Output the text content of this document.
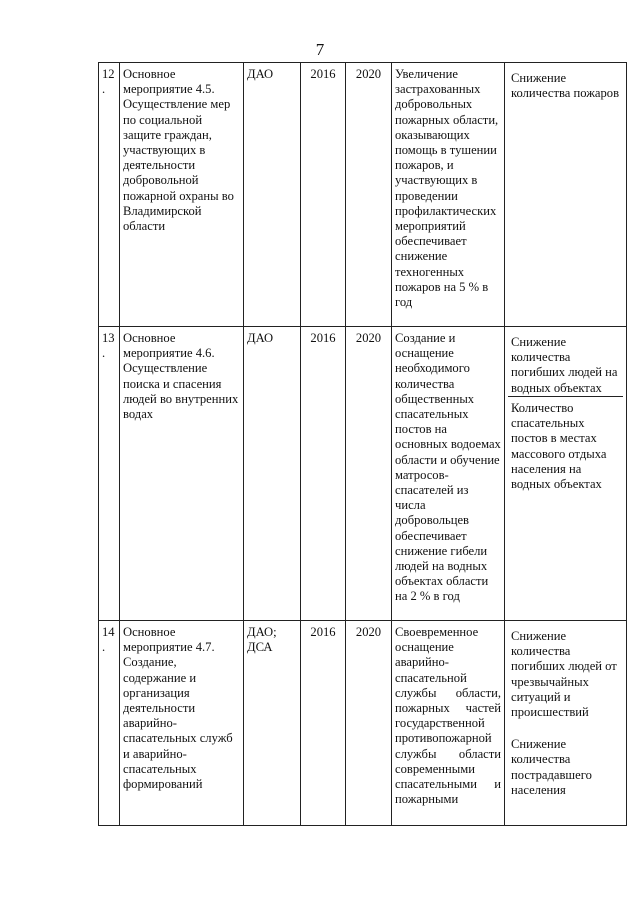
7
12.	Основное мероприятие 4.5. Осуществление мер по социальной защите граждан, участвующих в деятельности добровольной пожарной охраны во Владимирской области	ДАО	2016	2020	Увеличение застрахованных добровольных пожарных области, оказывающих помощь в тушении пожаров, и участвующих в проведении профилактических мероприятий обеспечивает снижение техногенных пожаров на 5 % в год	Снижение количества пожаров

13.	Основное мероприятие 4.6. Осуществление поиска и спасения людей во внутренних водах	ДАО	2016	2020	Создание и оснащение необходимого количества общественных спасательных постов на основных водоемах области и обучение матросов-спасателей из числа добровольцев обеспечивает снижение гибели людей на водных объектах области на 2 % в год	Снижение количества погибших людей на водных объектах
Количество спасательных постов в местах массового отдыха населения на водных объектах

14.	Основное мероприятие 4.7. Создание, содержание и организация деятельности аварийно-спасательных служб и аварийно-спасательных формирований	ДАО; ДСА	2016	2020	Своевременное оснащение аварийно-спасательной службы области, пожарных частей государственной противопожарной службы области современными спасательными и пожарными	Снижение количества погибших людей от чрезвычайных ситуаций и происшествий
Снижение количества пострадавшего населения
